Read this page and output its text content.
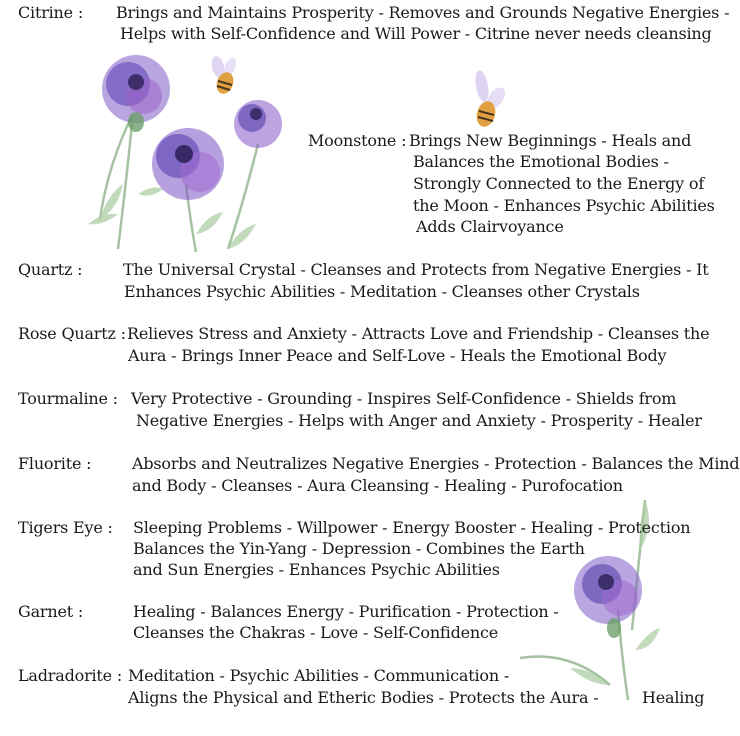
Citrine : Brings and Maintains Prosperity - Removes and Grounds Negative Energies -
Helps with Self-Confidence and Will Power - Citrine never needs cleansing
Moonstone : Brings New Beginnings - Heals and
Balances the Emotional Bodies -
Strongly Connected to the Energy of
the Moon - Enhances Psychic Abilities
Adds Clairvoyance
Quartz :	The Universal Crystal - Cleanses and Protects from Negative Energies - It
Enhances Psychic Abilities - Meditation - Cleanses other Crystals
Rose Quartz : Relieves Stress and Anxiety - Attracts Love and Friendship - Cleanses the
Aura - Brings Inner Peace and Self-Love - Heals the Emotional Body
Tourmaline : Very Protective - Grounding - Inspires Self-Confidence - Shields from
Negative Energies - Helps with Anger and Anxiety - Prosperity - Healer
Fluorite :	Absorbs and Neutralizes Negative Energies - Protection - Balances the Mind
and Body - Cleanses - Aura Cleansing - Healing - Purofocation
Tigers Eye : Sleeping Problems - Willpower - Energy Booster - Healing - Protection
Balances the Yin-Yang - Depression - Combines the Earth
and Sun Energies - Enhances Psychic Abilities
Garnet :	Healing - Balances Energy - Purification - Protection -
Cleanses the Chakras - Love - Self-Confidence
Ladradorite : Meditation - Psychic Abilities - Communication -
Aligns the Physical and Etheric Bodies - Protects the Aura -	Healing
